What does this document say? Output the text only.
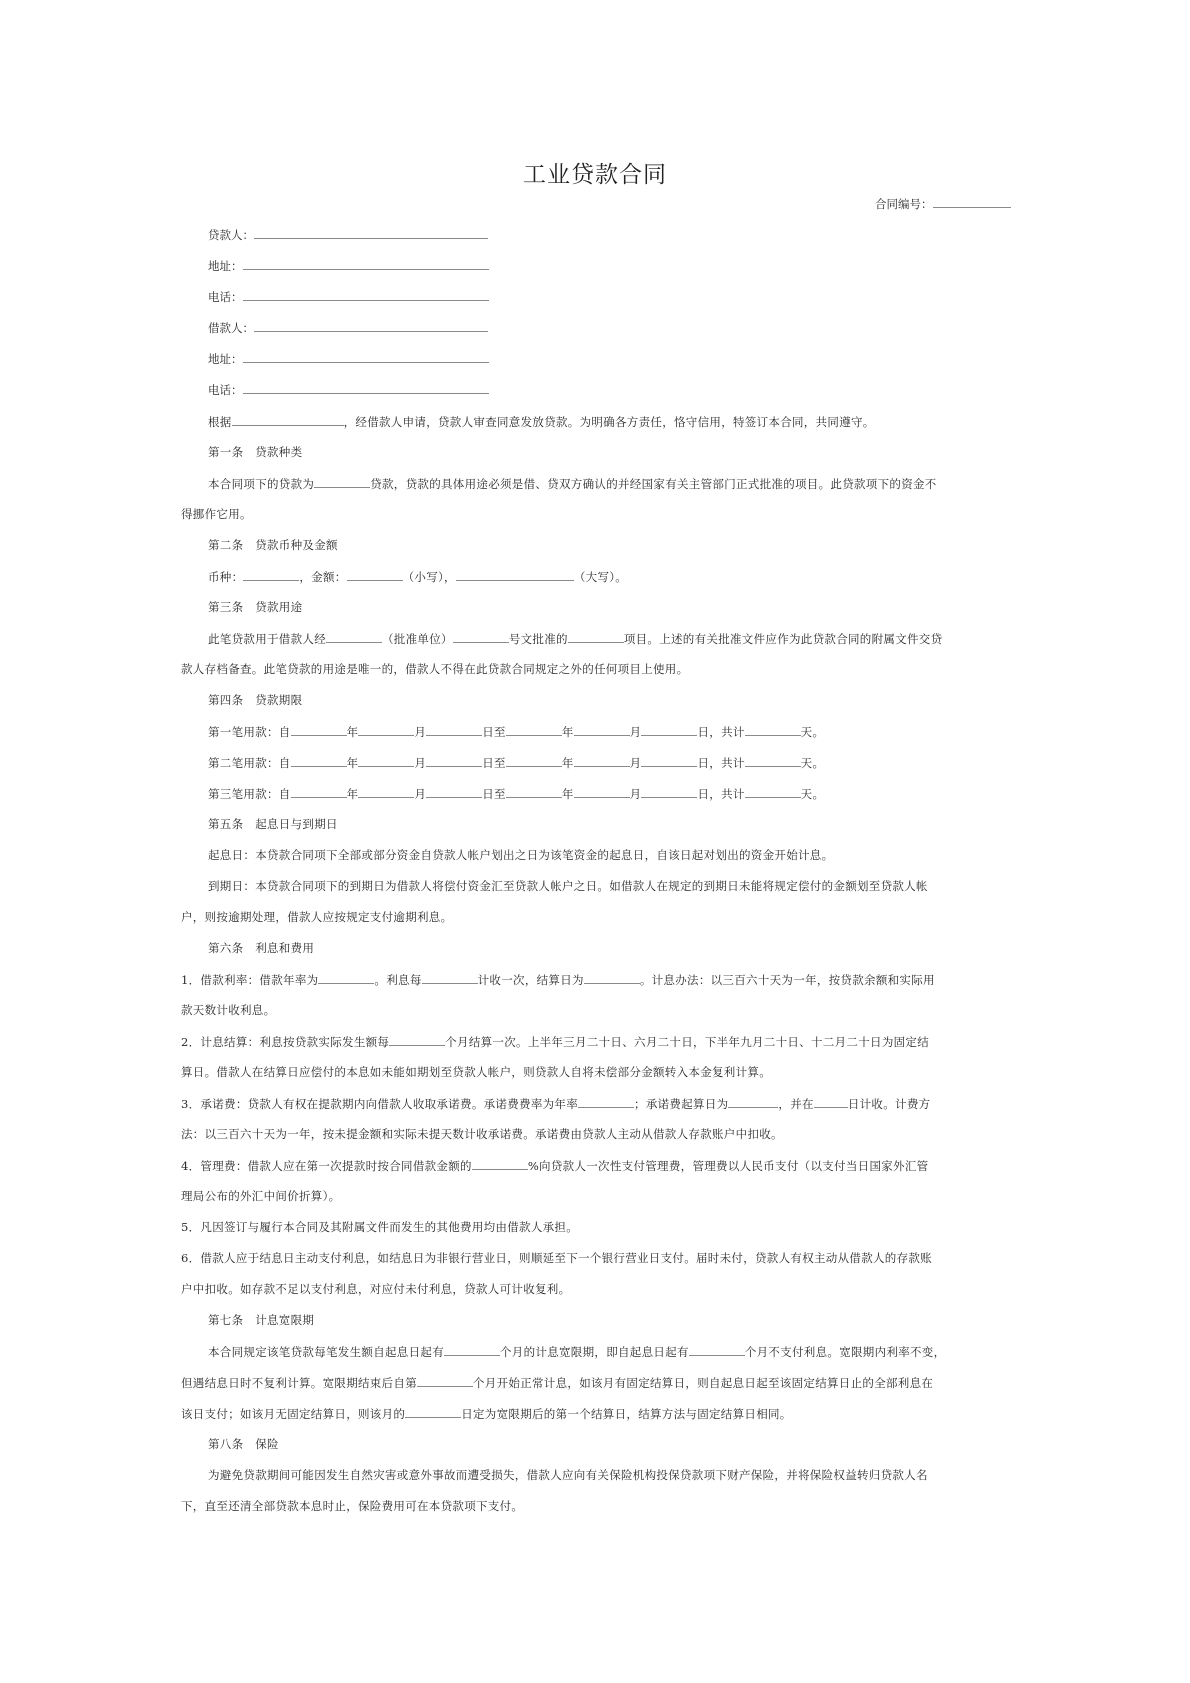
工业贷款合同
合同编号：
贷款人：
地址：
电话：
借款人：
地址：
电话：
根据	，经借款人申请，贷款人审查同意发放贷款。为明确各方责任，恪守信用，特签订本合同，共同遵守。
第一条　贷款种类
本合同项下的贷款为	贷款，贷款的具体用途必须是借、贷双方确认的并经国家有关主管部门正式批准的项目。此贷款项下的资金不
得挪作它用。
第二条　贷款币种及金额
币种：	，金额：	（小写），	（大写）。
第三条　贷款用途
此笔贷款用于借款人经	（批准单位）	号文批准的	项目。上述的有关批准文件应作为此贷款合同的附属文件交贷
款人存档备查。此笔贷款的用途是唯一的，借款人不得在此贷款合同规定之外的任何项目上使用。
第四条　贷款期限
第一笔用款：自	年	月	日至	年	月	日，共计	天。
第二笔用款：自	年	月	日至	年	月	日，共计	天。
第三笔用款：自	年	月	日至	年	月	日，共计	天。
第五条　起息日与到期日
起息日：本贷款合同项下全部或部分资金自贷款人帐户划出之日为该笔资金的起息日，自该日起对划出的资金开始计息。
到期日：本贷款合同项下的到期日为借款人将偿付资金汇至贷款人帐户之日。如借款人在规定的到期日未能将规定偿付的金额划至贷款人帐
户，则按逾期处理，借款人应按规定支付逾期利息。
第六条　利息和费用
1．借款利率：借款年率为	。利息每	计收一次，结算日为	。计息办法：以三百六十天为一年，按贷款余额和实际用
款天数计收利息。
2．计息结算：利息按贷款实际发生额每	个月结算一次。上半年三月二十日、六月二十日，下半年九月二十日、十二月二十日为固定结
算日。借款人在结算日应偿付的本息如未能如期划至贷款人帐户，则贷款人自将未偿部分金额转入本金复利计算。
3．承诺费：贷款人有权在提款期内向借款人收取承诺费。承诺费费率为年率	；承诺费起算日为	，并在	日计收。计费方
法：以三百六十天为一年，按未提金额和实际未提天数计收承诺费。承诺费由贷款人主动从借款人存款账户中扣收。
4．管理费：借款人应在第一次提款时按合同借款金额的	%向贷款人一次性支付管理费，管理费以人民币支付（以支付当日国家外汇管
理局公布的外汇中间价折算）。
5．凡因签订与履行本合同及其附属文件而发生的其他费用均由借款人承担。
6．借款人应于结息日主动支付利息，如结息日为非银行营业日，则顺延至下一个银行营业日支付。届时未付，贷款人有权主动从借款人的存款账
户中扣收。如存款不足以支付利息，对应付未付利息，贷款人可计收复利。
第七条　计息宽限期
本合同规定该笔贷款每笔发生额自起息日起有	个月的计息宽限期，即自起息日起有	个月不支付利息。宽限期内利率不变，
但遇结息日时不复利计算。宽限期结束后自第	个月开始正常计息，如该月有固定结算日，则自起息日起至该固定结算日止的全部利息在
该日支付；如该月无固定结算日，则该月的	日定为宽限期后的第一个结算日，结算方法与固定结算日相同。
第八条　保险
为避免贷款期间可能因发生自然灾害或意外事故而遭受损失，借款人应向有关保险机构投保贷款项下财产保险，并将保险权益转归贷款人名
下，直至还清全部贷款本息时止，保险费用可在本贷款项下支付。
